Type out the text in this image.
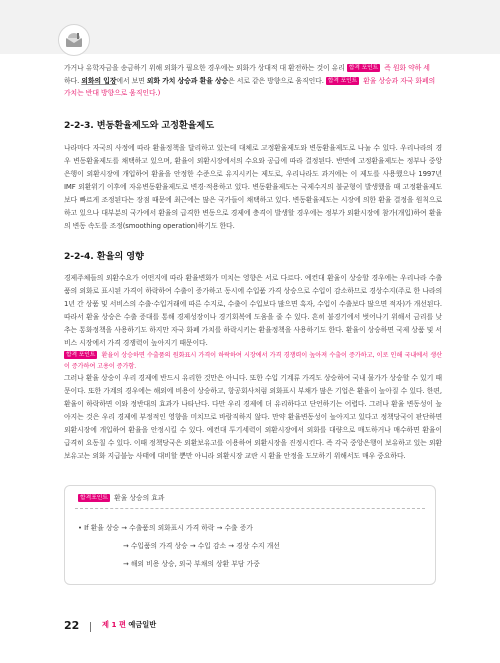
가거나 유학자금을 송금하기 위해 외화가 필요한 경우에는 외화가 상대적 대 환전하는 것이 유리 합격 포인트 즉 원화 약하 세
하다. 외화의 입장에서 보면 외화 가치 상승과 환율 상승은 서로 같은 방향으로 움직인다. 합격 포인트 환율 상승과 자국 화폐의
가치는 반대 방향으로 움직인다.)

2-2-3. 변동환율제도와 고정환율제도

나라마다 자국의 사정에 따라 환율정책을 달리하고 있는데 대체로 고정환율제도와 변동환율제도로 나눌 수 있다. 우리나라의 경우 변동환율제도를 채택하고 있으며, 환율이 외환시장에서의 수요와 공급에 따라 결정된다. 반면에 고정환율제도는 정부나 중앙은행이 외환시장에 개입하여 환율을 안정한 수준으로 유지시키는 제도로, 우리나라도 과거에는 이 제도를 사용했으나 1997년 IMF 외환위기 이후에 자유변동환율제도로 변경·적용하고 있다. 변동환율제도는 국제수지의 불균형이 발생했을 때 고정환율제도보다 빠르게 조정된다는 장점 때문에 최근에는 많은 국가들이 채택하고 있다. 변동환율제도는 시장에 의한 환율 결정을 원칙으로 하고 있으나 대부분의 국가에서 환율의 급격한 변동으로 경제에 충격이 발생할 경우에는 정부가 외환시장에 참가(개입)하여 환율의 변동 속도를 조정(smoothing operation)하기도 한다.

2-2-4. 환율의 영향

경제주체들의 외환수요가 어떤지에 따라 환율변화가 미치는 영향은 서로 다르다. 예컨대 환율이 상승할 경우에는 우리나라 수출품의 외화로 표시된 가격이 하락하여 수출이 증가하고 동시에 수입품 가격 상승으로 수입이 감소하므로 경상수지(주로 한 나라의 1년 간 상품 및 서비스의 수출·수입거래에 따른 수지로, 수출이 수입보다 많으면 흑자, 수입이 수출보다 많으면 적자)가 개선된다. 따라서 환율 상승은 수출 증대를 통해 경제성장이나 경기회복에 도움을 줄 수 있다. 흔히 불경기에서 벗어나기 위해서 금리를 낮추는 통화정책을 사용하기도 하지만 자국 화폐 가치를 하락시키는 환율정책을 사용하기도 한다. 환율이 상승하면 국제 상품 및 서비스 시장에서 가격 경쟁력이 높아지기 때문이다.

합격 포인트 환율이 상승하면 수출품의 원화표시 가격이 하락하여 시장에서 가격 경쟁력이 높아져 수출이 증가하고, 이로 인해 국내에서 생산이 증가하여 고용이 증가함.

그러나 환율 상승이 우리 경제에 반드시 유리한 것만은 아니다. 또한 수입 기계류 가격도 상승하여 국내 물가가 상승할 수 있기 때문이다. 또한 가계의 경우에는 해외에 비용이 상승하고, 항공회사처럼 외화표시 부채가 많은 기업은 환율이 높아질 수 있다. 한편, 환율이 하락하면 이와 정반대의 효과가 나타난다. 다만 우리 경제에 더 유리하다고 단언하기는 어렵다. 그러나 환율 변동성이 높아지는 것은 우리 경제에 부정적인 영향을 미치므로 바람직하지 않다. 만약 환율변동성이 높아지고 있다고 정책당국이 판단하면 외환시장에 개입하여 환율을 안정시킬 수 있다. 예컨대 투기세력이 외환시장에서 외화를 대량으로 매도하거나 매수하면 환율이 급격히 요동칠 수 있다. 이때 정책당국은 외환보유고를 이용하여 외환시장을 진정시킨다. 즉 각국 중앙은행이 보유하고 있는 외환보유고는 외화 지급불능 사태에 대비할 뿐만 아니라 외환시장 교란 시 환율 안정을 도모하기 위해서도 매우 중요하다.

합격포인트 환율 상승의 효과
• If 환율 상승 → 수출품의 외화표시 가격 하락 → 수출 증가
→ 수입품의 가격 상승 → 수입 감소 → 경상 수지 개선
→ 해외 비용 상승, 외국 부채의 상환 부담 가중
22	제 1 편 예금일반
